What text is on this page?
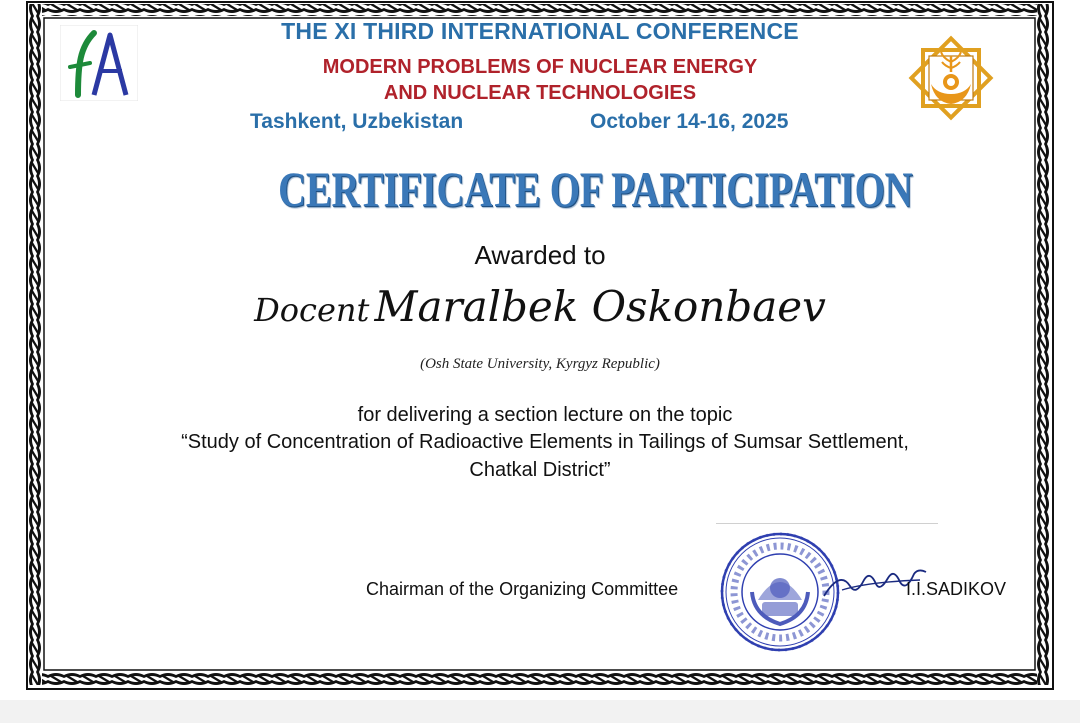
THE XI THIRD INTERNATIONAL CONFERENCE
MODERN PROBLEMS OF NUCLEAR ENERGY
AND NUCLEAR TECHNOLOGIES
Tashkent, Uzbekistan	October 14-16, 2025
CERTIFICATE OF PARTICIPATION
Awarded to
Docent Maralbek Oskonbaev
(Osh State University, Kyrgyz Republic)
for delivering a section lecture on the topic
“Study of Concentration of Radioactive Elements in Tailings of Sumsar Settlement,
Chatkal District”
Chairman of the Organizing Committee	I.I.SADIKOV
